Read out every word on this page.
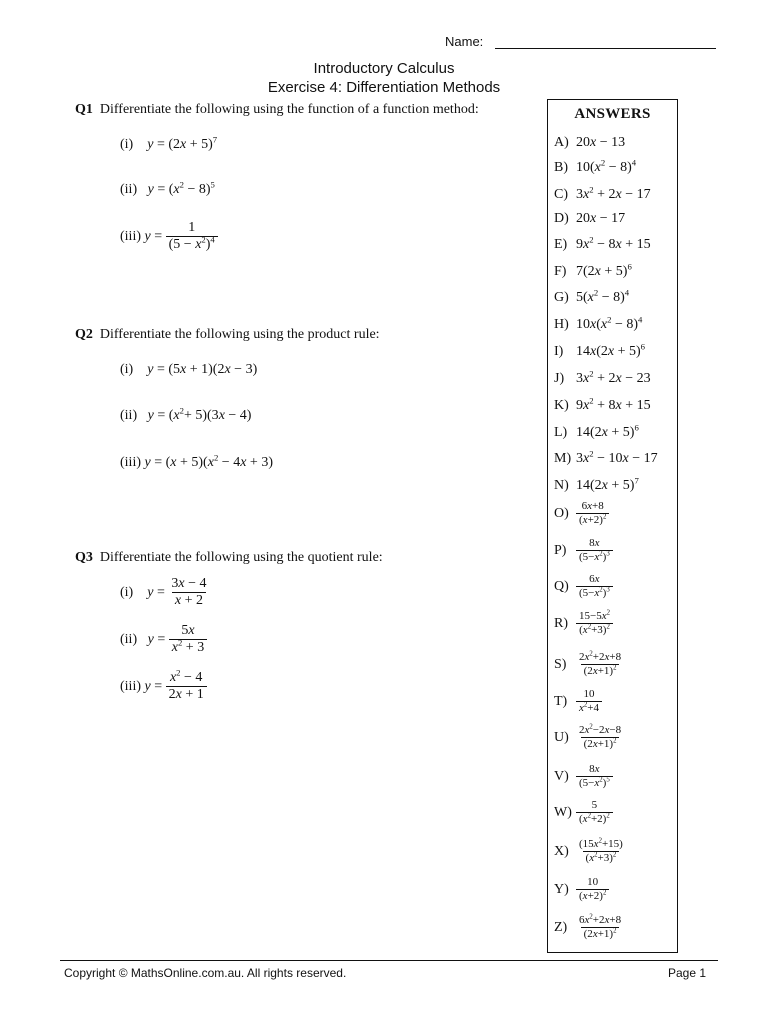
Name:
Introductory Calculus
Exercise 4: Differentiation Methods
Q1 Differentiate the following using the function of a function method:
(i) $y = (2x + 5)^7$
(ii) $y = (x^2 - 8)^5$
(iii) $y = \frac{1}{(5 - x^2)^4}$
Q2 Differentiate the following using the product rule:
(i) y = (5x + 1)(2x − 3)
(ii) $y = (x^2+ 5)(3x - 4)$
(iii) $y = (x + 5)(x^2 - 4x + 3)$
Q3 Differentiate the following using the quotient rule:
(i) $y = \frac{3x - 4}{x + 2}$
(ii) $y = \frac{5x}{x^2 + 3}$
(iii) $y = \frac{x^2 - 4}{2x + 1}$
ANSWERS
A) 20x − 13
B) $10(x^2 - 8)^4$
C) $3x^2 + 2x - 17$
D) 20x − 17
E) $9x^2 - 8x + 15$
F) $7(2x + 5)^6$
G) $5(x^2 - 8)^4$
H) $10x(x^2 - 8)^4$
I) $14x(2x + 5)^6$
J) $3x^2 + 2x - 23$
K) $9x^2 + 8x + 15$
L) $14(2x + 5)^6$
M) $3x^2 - 10x - 17$
N) $14(2x + 5)^7$
$O) \frac{6x+8}{(x+2)^2}$
$P) \frac{8x}{(5-x^2)^3}$
$Q) \frac{6x}{(5-x^2)^3}$
$R) \frac{15-5x^2}{(x^2+3)^2}$
$S) \frac{2x^2+2x+8}{(2x+1)^2}$
$T) \frac{10}{x^2+4}$
$U) \frac{2x^2-2x-8}{(2x+1)^2}$
$V) \frac{8x}{(5-x^2)^5}$
$W) \frac{5}{(x^2+2)^2}$
$X) \frac{(15x^2+15)}{(x^2+3)^2}$
$Y) \frac{10}{(x+2)^2}$
$Z) \frac{6x^2+2x+8}{(2x+1)^2}$
Copyright © MathsOnline.com.au. All rights reserved.	Page 1
